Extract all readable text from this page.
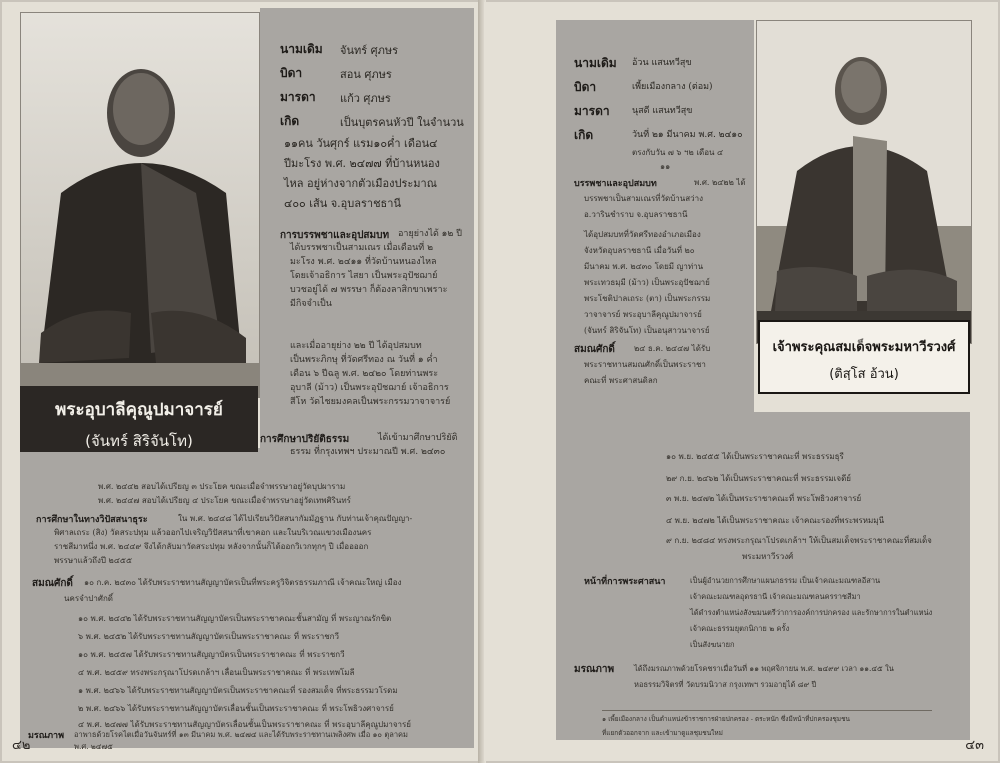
พระอุบาลีคุณูปมาจารย์
(จันทร์ สิริจันโท)
นามเดิม จันทร์ ศุภษร
บิดา	สอน ศุภษร
มารดา แก้ว ศุภษร
เกิด	เป็นบุตรคนหัวปี ในจำนวน
๑๑คน วันศุกร์ แรม๑๐ค่ำ เดือน๔
ปีมะโรง พ.ศ. ๒๔๗๗ ที่บ้านหนอง
ไหล อยู่ห่างจากตัวเมืองประมาณ
๔๐๐ เส้น จ.อุบลราชธานี
การบรรพชาและอุปสมบท อายุย่างได้ ๑๒ ปี
ได้บรรพชาเป็นสามเณร เมื่อเดือนที่ ๒
มะโรง พ.ศ. ๒๔๑๑ ที่วัดบ้านหนองไหล
โดยเจ้าอธิการ ไสยา เป็นพระอุปัชฌาย์
บวชอยู่ได้ ๗ พรรษา ก็ต้องลาสิกขาเพราะ
มีกิจจำเป็น
และเมื่ออายุย่าง ๒๒ ปี ได้อุปสมบท
เป็นพระภิกษุ ที่วัดศรีทอง ณ วันที่ ๑ ค่ำ
เดือน ๖ ปีฉลู พ.ศ. ๒๔๒๐ โดยท่านพระ
อุบาลี (ม้าว) เป็นพระอุปัชฌาย์ เจ้าอธิการ
สีโห วัดไชยมงคลเป็นพระกรรมวาจาจารย์
การศึกษาปริยัติธรรม	ได้เข้ามาศึกษาปริยัติ
ธรรม ที่กรุงเทพฯ ประมาณปี พ.ศ. ๒๔๓๐
พ.ศ. ๒๔๔๒ สอบได้เปรียญ ๓ ประโยค ขณะเมื่อจำพรรษาอยู่วัดบุปผาราม
พ.ศ. ๒๔๔๗ สอบได้เปรียญ ๔ ประโยค ขณะเมื่อจำพรรษาอยู่วัดเทพศิรินทร์
การศึกษาในทางวิปัสสนาธุระ	ใน พ.ศ. ๒๔๔๘ ได้ไปเรียนวิปัสสนากัมมัฏฐาน กับท่านเจ้าคุณปัญญา-
พิศาลเถระ (สิง) วัดสระปทุม แล้วออกไปเจริญวิปัสสนาที่เขาคอก และในบริเวณแขวงเมืองนคร
ราชสีมาหนึ่ง พ.ศ. ๒๔๔๙ จึงได้กลับมาวัดสระปทุม หลังจากนั้นก็ได้ออกวิเวกทุกๆ ปี เมื่ออออก
พรรษาแล้วถึงปี ๒๔๕๕
สมณศักดิ์ ๑๐ ก.ค. ๒๔๓๐ ได้รับพระราชทานสัญญาบัตรเป็นที่พระครูวิจิตรธรรมภาณี เจ้าคณะใหญ่ เมือง
นครจำปาศักดิ์
๑๐ พ.ศ. ๒๔๔๒ ได้รับพระราชทานสัญญาบัตรเป็นพระราชาคณะชั้นสามัญ ที่ พระญาณรักขิต
๖ พ.ศ. ๒๔๕๒ ได้รับพระราชทานสัญญาบัตรเป็นพระราชาคณะ ที่ พระราชกวี
๑๐ พ.ศ. ๒๔๕๗ ได้รับพระราชทานสัญญาบัตรเป็นพระราชาคณะ ที่ พระราชกวี
๔ พ.ศ. ๒๔๕๙ ทรงพระกรุณาโปรดเกล้าฯ เลื่อนเป็นพระราชาคณะ ที่ พระเทพโมลี
๑ พ.ศ. ๒๔๖๖ ได้รับพระราชทานสัญญาบัตรเป็นพระราชาคณะที่ รองสมเด็จ ที่พระธรรมวโรดม
๒ พ.ศ. ๒๔๖๖ ได้รับพระราชทานสัญญาบัตรเลื่อนชั้นเป็นพระราชาคณะ ที่ พระโพธิวงศาจารย์
๔ พ.ศ. ๒๔๗๗ ได้รับพระราชทานสัญญาบัตรเลื่อนชั้นเป็นพระราชาคณะ ที่ พระอุบาลีคุณูปมาจารย์
มรณภาพ อาพาธด้วยโรคไตเมื่อวันจันทร์ที่ ๑๓ มีนาคม พ.ศ. ๒๔๗๔ และได้รับพระราชทานเพลิงศพ เมื่อ ๑๐ ตุลาคม
พ.ศ. ๒๔๗๕
๔๒
นามเดิม อ้วน แสนทวีสุข
บิดา	เพี้ยเมืองกลาง (ต่อม)
มารดา นุสดี แสนทวีสุข
เกิด	วันที่ ๒๑ มีนาคม พ.ศ. ๒๔๑๐
ตรงกับวัน ๗ ๖ ฯ๒ เดือน ๔
๑๑
บรรพชาและอุปสมบท	พ.ศ. ๒๔๒๒ ได้
บรรพชาเป็นสามเณรที่วัดบ้านสว่าง
อ.วารินชำราบ จ.อุบลราชธานี
ได้อุปสมบทที่วัดศรีทองอำเภอเมือง
จังหวัดอุบลราชธานี เมื่อวันที่ ๒๐
มีนาคม พ.ศ. ๒๔๓๐ โดยมี ญาท่าน
พระเทวธมฺมี (ม้าว) เป็นพระอุปัชฌาย์
พระโชติปาลเถระ (ตา) เป็นพระกรรม
วาจาจารย์ พระอุบาลีคุณูปมาจารย์
(จันทร์ สิริจันโท) เป็นอนุสาวนาจารย์
สมณศักดิ์ ๒๔ ธ.ค. ๒๔๔๗ ได้รับ
พระราชทานสมณศักดิ์เป็นพระราชา
คณะที่ พระศาสนดิลก
เจ้าพระคุณสมเด็จพระมหาวีรวงศ์
(ติสฺโส อ้วน)
๑๐ พ.ย. ๒๔๕๕ ได้เป็นพระราชาคณะที่ พระธรรมธุรี
๒๙ ก.ย. ๒๔๖๒ ได้เป็นพระราชาคณะที่ พระธรรมเจดีย์
๓ พ.ย. ๒๔๗๒ ได้เป็นพระราชาคณะที่ พระโพธิวงศาจารย์
๔ พ.ย. ๒๔๗๒ ได้เป็นพระราชาคณะ เจ้าคณะรองที่พระพรหมมุนี
๙ ก.ย. ๒๔๘๔ ทรงพระกรุณาโปรดเกล้าฯ ให้เป็นสมเด็จพระราชาคณะที่สมเด็จ
พระมหาวีรวงศ์
หน้าที่การพระศาสนา	เป็นผู้อำนวยการศึกษาแผนกธรรม เป็นเจ้าคณะมณฑลอีสาน
เจ้าคณะมณฑลอุดรธานี เจ้าคณะมณฑลนครราชสีมา
ได้ดำรงตำแหน่งสังฆมนตรีว่าการองค์การปกครอง และรักษาการในตำแหน่ง
เจ้าคณะธรรมยุตกนิกาย ๒ ครั้ง
เป็นสังฆนายก
มรณภาพ	ได้ถึงมรณภาพด้วยโรคชราเมื่อวันที่ ๑๑ พฤศจิกายน พ.ศ. ๒๔๙๙ เวลา ๑๑.๔๕ ใน
หอธรรมวิจิตรที่ วัดบรมนิวาส กรุงเทพฯ รวมอายุได้ ๘๙ ปี
๑ เพี้ยเมืองกลาง เป็นตำแหน่งข้าราชการฝ่ายปกครอง - ตระหนัก ซึ่งมีหน้าที่ปกครองชุมชน
ที่แยกตัวออกจาก และเข้ามาดูแลชุมชนใหม่
๔๓
